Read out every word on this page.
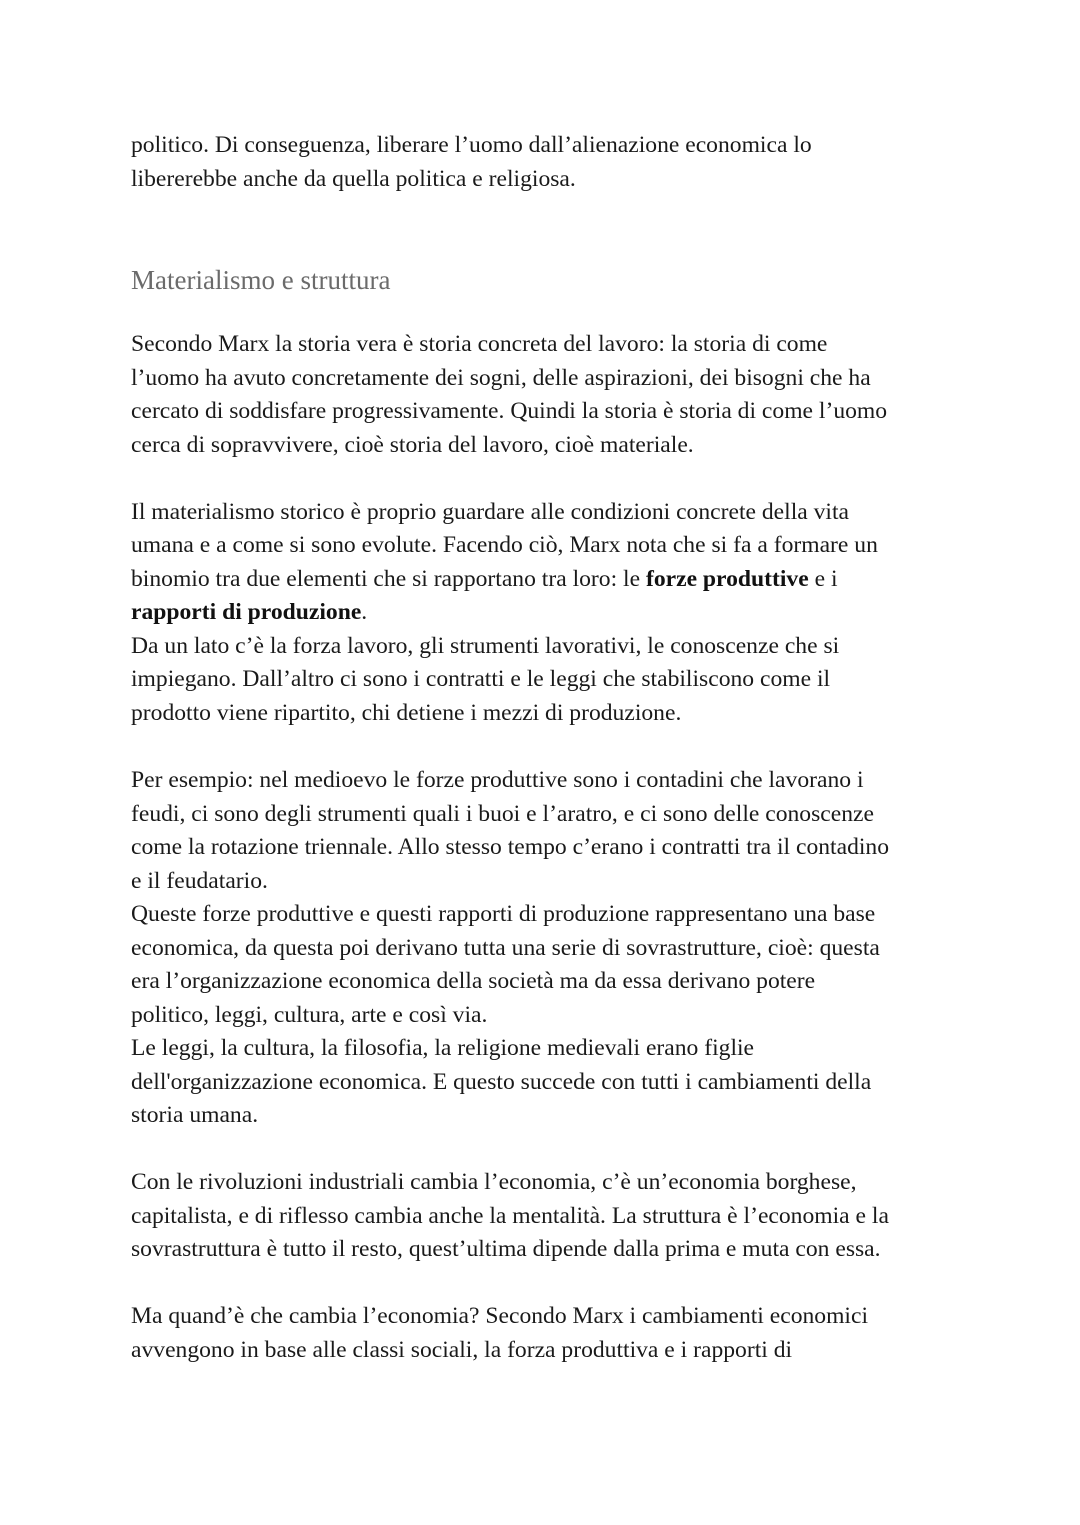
politico. Di conseguenza, liberare l’uomo dall’alienazione economica lo
libererebbe anche da quella politica e religiosa.
Materialismo e struttura
Secondo Marx la storia vera è storia concreta del lavoro: la storia di come
l’uomo ha avuto concretamente dei sogni, delle aspirazioni, dei bisogni che ha
cercato di soddisfare progressivamente. Quindi la storia è storia di come l’uomo
cerca di sopravvivere, cioè storia del lavoro, cioè materiale.
Il materialismo storico è proprio guardare alle condizioni concrete della vita
umana e a come si sono evolute. Facendo ciò, Marx nota che si fa a formare un
binomio tra due elementi che si rapportano tra loro: le forze produttive e i
rapporti di produzione.
Da un lato c’è la forza lavoro, gli strumenti lavorativi, le conoscenze che si
impiegano. Dall’altro ci sono i contratti e le leggi che stabiliscono come il
prodotto viene ripartito, chi detiene i mezzi di produzione.
Per esempio: nel medioevo le forze produttive sono i contadini che lavorano i
feudi, ci sono degli strumenti quali i buoi e l’aratro, e ci sono delle conoscenze
come la rotazione triennale. Allo stesso tempo c’erano i contratti tra il contadino
e il feudatario.
Queste forze produttive e questi rapporti di produzione rappresentano una base
economica, da questa poi derivano tutta una serie di sovrastrutture, cioè: questa
era l’organizzazione economica della società ma da essa derivano potere
politico, leggi, cultura, arte e così via.
Le leggi, la cultura, la filosofia, la religione medievali erano figlie
dell'organizzazione economica. E questo succede con tutti i cambiamenti della
storia umana.
Con le rivoluzioni industriali cambia l’economia, c’è un’economia borghese,
capitalista, e di riflesso cambia anche la mentalità. La struttura è l’economia e la
sovrastruttura è tutto il resto, quest’ultima dipende dalla prima e muta con essa.
Ma quand’è che cambia l’economia? Secondo Marx i cambiamenti economici
avvengono in base alle classi sociali, la forza produttiva e i rapporti di
